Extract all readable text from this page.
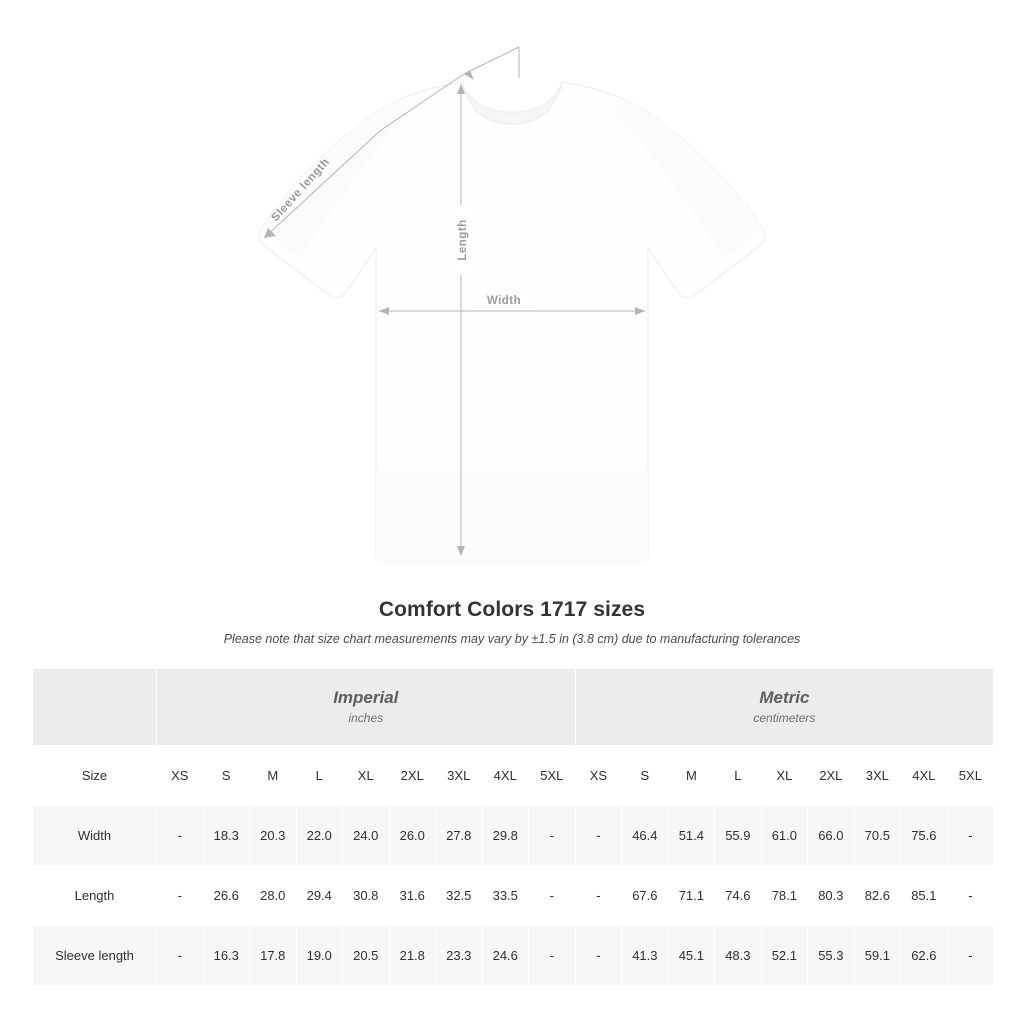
Sleeve length
Length
Width
Comfort Colors 1717 sizes
Please note that size chart measurements may vary by ±1.5 in (3.8 cm) due to manufacturing tolerances

Imperial
inches

Metric
centimeters

Size	XS	S	M	L	XL	2XL	3XL	4XL	5XL	XS	S	M	L	XL	2XL	3XL	4XL	5XL
Width	-	18.3	20.3	22.0	24.0	26.0	27.8	29.8	-	-	46.4	51.4	55.9	61.0	66.0	70.5	75.6	-
Length	-	26.6	28.0	29.4	30.8	31.6	32.5	33.5	-	-	67.6	71.1	74.6	78.1	80.3	82.6	85.1	-
Sleeve length	-	16.3	17.8	19.0	20.5	21.8	23.3	24.6	-	-	41.3	45.1	48.3	52.1	55.3	59.1	62.6	-
